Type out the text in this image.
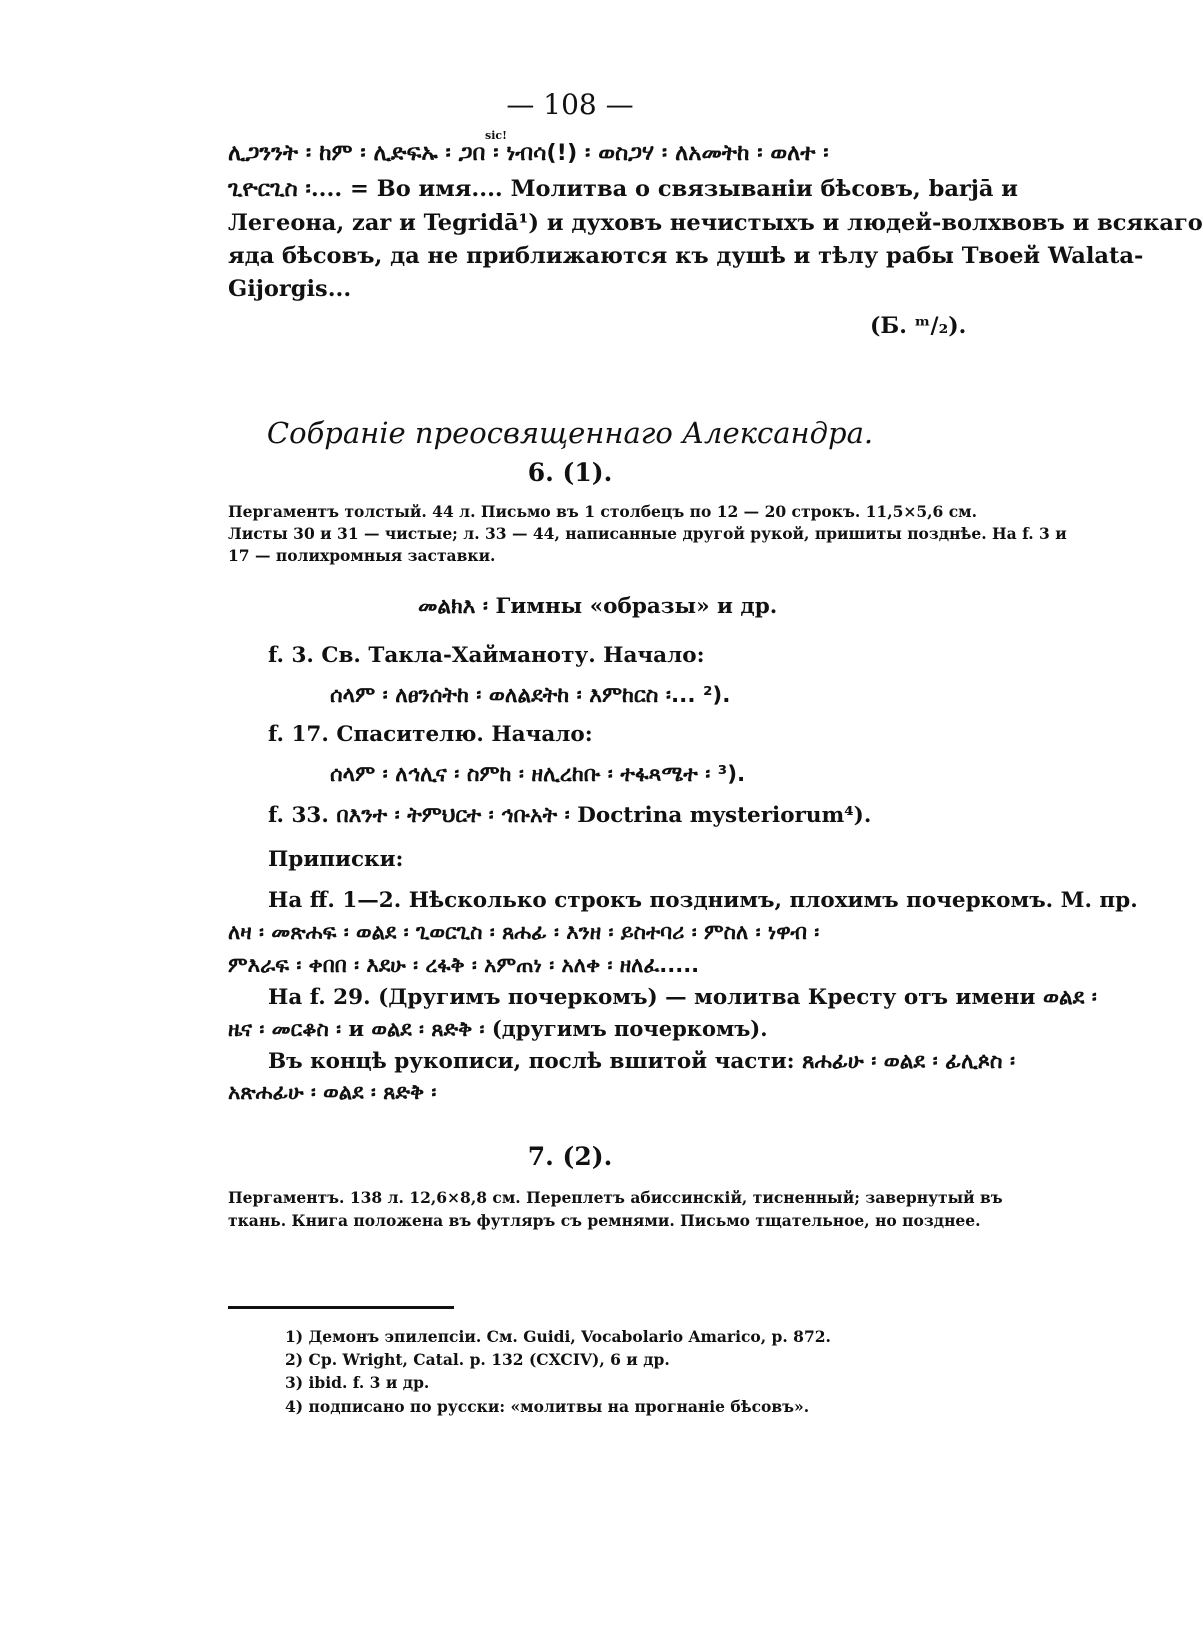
— 108 —
sic!
ሊጋንንት ፡ ከም ፡ ሊድፍኡ ፡ ጋበ ፡ ነብሳ(!) ፡ ወስጋሃ ፡ ለአመትከ ፡ ወለተ ፡
ጊዮርጊስ ፡.... = Во имя.... Молитва о связываніи бѣсовъ, barjā и
Легеона, zar и Tegridā¹) и духовъ нечистыхъ и людей-волхвовъ и всякаго
яда бѣсовъ, да не приближаются къ душѣ и тѣлу рабы Твоей Walata-
Gijorgis...
(Б. ᵐ/₂).
Собраніе преосвященнаго Александра.
6. (1).
Пергаментъ толстый. 44 л. Письмо въ 1 столбецъ по 12 — 20 строкъ. 11,5×5,6 см.
Листы 30 и 31 — чистые; л. 33 — 44, написанные другой рукой, пришиты позднѣе. На f. 3 и
17 — полихромныя заставки.
መልክእ ፡ Гимны «образы» и др.
f. 3. Св. Такла-Хайманоту. Начало:
ሰላም ፡ ለፀንሰትከ ፡ ወለልደትከ ፡ እምከርስ ፡... ²).
f. 17. Спасителю. Начало:
ሰላም ፡ ለኅሊና ፡ ስምከ ፡ ዘሊረከቡ ፡ ተፋጻሜተ ፡ ³).
f. 33. በእንተ ፡ ትምህርተ ፡ ኅቡአት ፡ Doctrina mysteriorum⁴).
Приписки:
На ff. 1—2. Нѣсколько строкъ позднимъ, плохимъ почеркомъ. М. пр.
ለዛ ፡ መጽሐፍ ፡ ወልደ ፡ ጊወርጊስ ፡ ጸሐፊ ፡ እንዘ ፡ ይስተባሪ ፡ ምስለ ፡ ነዋብ ፡
ምእራፍ ፡ ቀበበ ፡ እደሁ ፡ ረፋቅ ፡ አምጠነ ፡ አለቀ ፡ ዘለፈ.....
На f. 29. (Другимъ почеркомъ) — молитва Кресту отъ имени ወልደ ፡
ዜና ፡ መርቆስ ፡ и ወልደ ፡ ጸድቅ ፡ (другимъ почеркомъ).
Въ концѣ рукописи, послѣ вшитой части: ጸሐፊሁ ፡ ወልደ ፡ ፊሊጶስ ፡
አጽሐፊሁ ፡ ወልደ ፡ ጸድቅ ፡
7. (2).
Пергаментъ. 138 л. 12,6×8,8 см. Переплетъ абиссинскій, тисненный; завернутый въ
ткань. Книга положена въ футляръ съ ремнями. Письмо тщательное, но позднее.
1) Демонъ эпилепсіи. См. Guidi, Vocabolario Amarico, p. 872.
2) Ср. Wright, Catal. p. 132 (CXCIV), 6 и др.
3) ibid. f. 3 и др.
4) подписано по русски: «молитвы на прогнаніе бѣсовъ».
